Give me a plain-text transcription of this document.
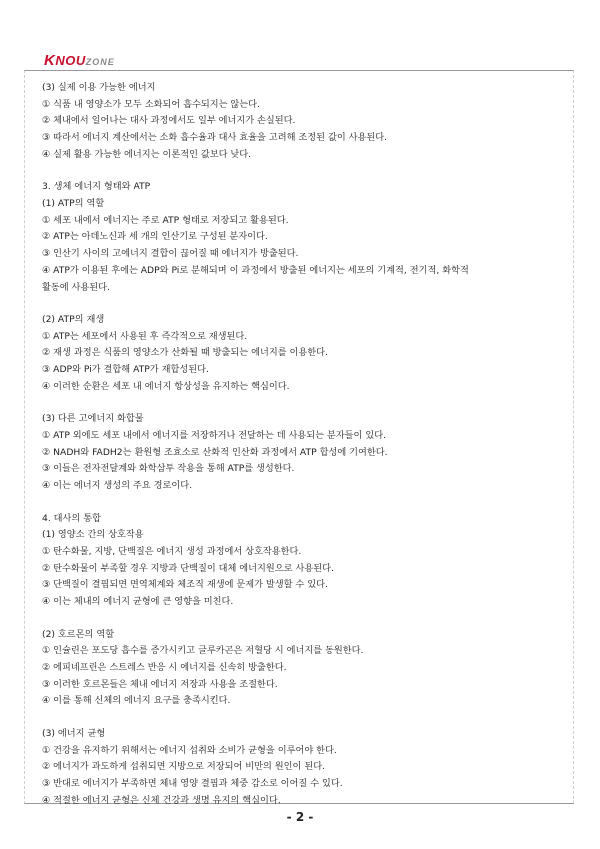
KNOUZONE
(3) 실제 이용 가능한 에너지
① 식품 내 영양소가 모두 소화되어 흡수되지는 않는다.
② 체내에서 일어나는 대사 과정에서도 일부 에너지가 손실된다.
③ 따라서 에너지 계산에서는 소화 흡수율과 대사 효율을 고려해 조정된 값이 사용된다.
④ 실제 활용 가능한 에너지는 이론적인 값보다 낮다.
3. 생체 에너지 형태와 ATP
(1) ATP의 역할
① 세포 내에서 에너지는 주로 ATP 형태로 저장되고 활용된다.
② ATP는 아데노신과 세 개의 인산기로 구성된 분자이다.
③ 인산기 사이의 고에너지 결합이 끊어질 때 에너지가 방출된다.
④ ATP가 이용된 후에는 ADP와 Pi로 분해되며 이 과정에서 방출된 에너지는 세포의 기계적, 전기적, 화학적
활동에 사용된다.
(2) ATP의 재생
① ATP는 세포에서 사용된 후 즉각적으로 재생된다.
② 재생 과정은 식품의 영양소가 산화될 때 방출되는 에너지를 이용한다.
③ ADP와 Pi가 결합해 ATP가 재합성된다.
④ 이러한 순환은 세포 내 에너지 항상성을 유지하는 핵심이다.
(3) 다른 고에너지 화합물
① ATP 외에도 세포 내에서 에너지를 저장하거나 전달하는 데 사용되는 분자들이 있다.
② NADH와 FADH2는 환원형 조효소로 산화적 인산화 과정에서 ATP 합성에 기여한다.
③ 이들은 전자전달계와 화학삼투 작용을 통해 ATP를 생성한다.
④ 이는 에너지 생성의 주요 경로이다.
4. 대사의 통합
(1) 영양소 간의 상호작용
① 탄수화물, 지방, 단백질은 에너지 생성 과정에서 상호작용한다.
② 탄수화물이 부족할 경우 지방과 단백질이 대체 에너지원으로 사용된다.
③ 단백질이 결핍되면 면역체계와 체조직 재생에 문제가 발생할 수 있다.
④ 이는 체내의 에너지 균형에 큰 영향을 미친다.
(2) 호르몬의 역할
① 인슐린은 포도당 흡수를 증가시키고 글루카곤은 저혈당 시 에너지를 동원한다.
② 에피네프린은 스트레스 반응 시 에너지를 신속히 방출한다.
③ 이러한 호르몬들은 체내 에너지 저장과 사용을 조절한다.
④ 이를 통해 신체의 에너지 요구를 충족시킨다.
(3) 에너지 균형
① 건강을 유지하기 위해서는 에너지 섭취와 소비가 균형을 이루어야 한다.
② 에너지가 과도하게 섭취되면 지방으로 저장되어 비만의 원인이 된다.
③ 반대로 에너지가 부족하면 체내 영양 결핍과 체중 감소로 이어질 수 있다.
④ 적절한 에너지 균형은 신체 건강과 생명 유지의 핵심이다.
- 2 -
